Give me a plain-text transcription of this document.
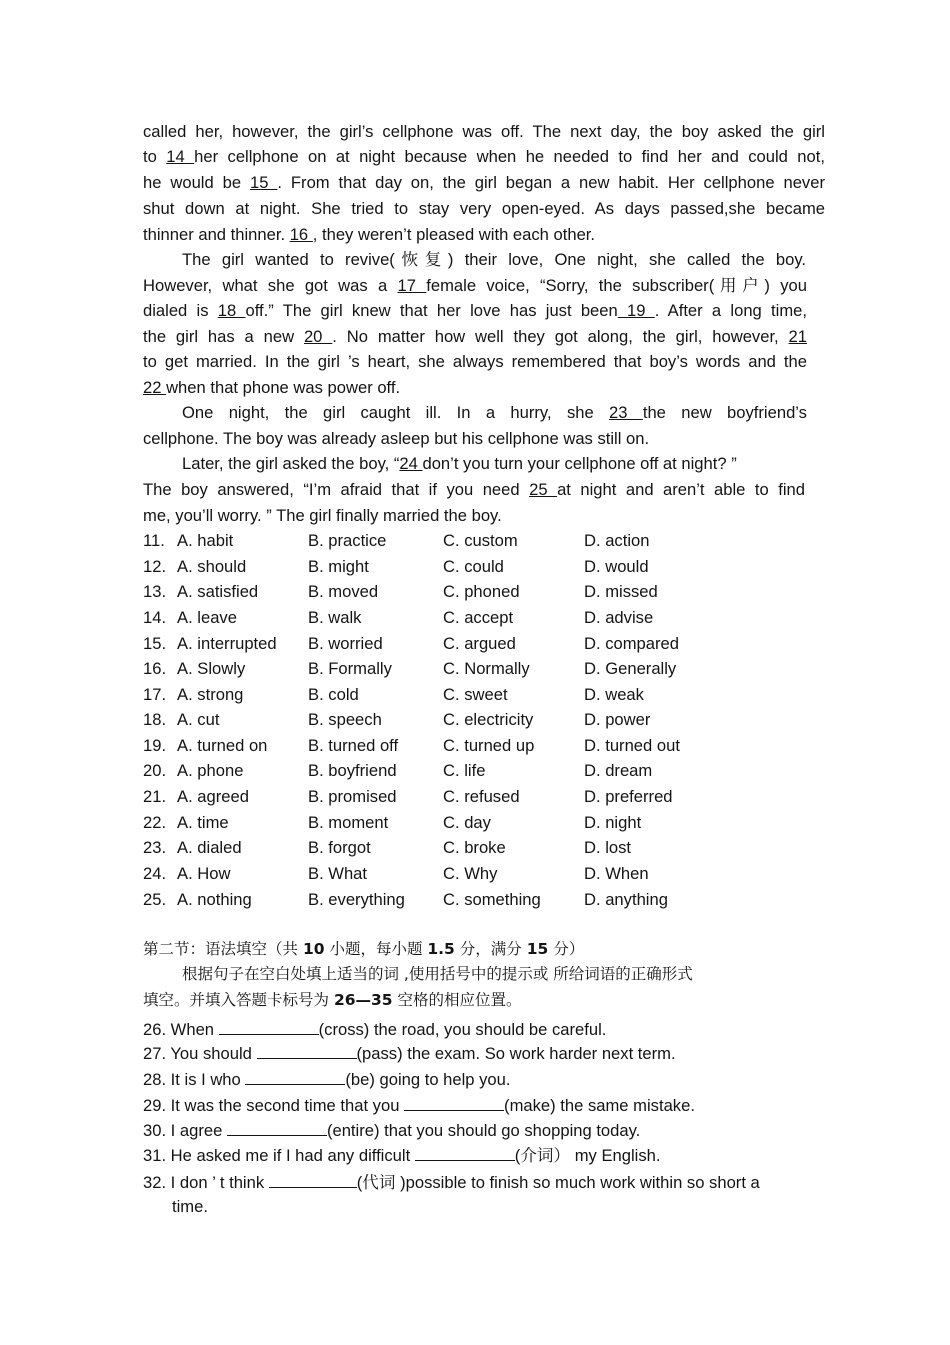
called her, however, the girl’s cellphone was off. The next day, the boy asked the girl
to 14 her cellphone on at night because when he needed to find her and could not,
he would be 15 . From that day on, the girl began a new habit. Her cellphone never
shut down at night. She tried to stay very open-eyed. As days passed,she became
thinner and thinner. 16 , they weren’t pleased with each other.
The girl wanted to revive(恢复) their love, One night, she called the boy.
However, what she got was a 17 female voice, “Sorry, the subscriber(用户) you
dialed is 18 off.” The girl knew that her love has just been 19 . After a long time,
the girl has a new 20 . No matter how well they got along, the girl, however, 21
to get married. In the girl ’s heart, she always remembered that boy’s words and the
22 when that phone was power off.
One night, the girl caught ill. In a hurry, she 23 the new boyfriend’s
cellphone. The boy was already asleep but his cellphone was still on.
Later, the girl asked the boy, “24 don’t you turn your cellphone off at night? ”
The boy answered, “I’m afraid that if you need 25 at night and aren’t able to find
me, you’ll worry. ” The girl finally married the boy.
11. A. habit	B. practice	C. custom	D. action
12. A. should	B. might	C. could	D. would
13. A. satisfied	B. moved	C. phoned	D. missed
14. A. leave	B. walk	C. accept	D. advise
15. A. interrupted B. worried	C. argued	D. compared
16. A. Slowly	B. Formally	C. Normally	D. Generally
17. A. strong	B. cold	C. sweet	D. weak
18. A. cut	B. speech	C. electricity	D. power
19. A. turned on B. turned off	C. turned up	D. turned out
20. A. phone	B. boyfriend	C. life	D. dream
21. A. agreed	B. promised	C. refused	D. preferred
22. A. time	B. moment	C. day	D. night
23. A. dialed	B. forgot	C. broke	D. lost
24. A. How	B. What	C. Why	D. When
25. A. nothing	B. everything C. something	D. anything
第二节：语法填空（共 10 小题，每小题 1.5 分，满分 15 分）
根据句子在空白处填上适当的词 ,使用括号中的提示或 所给词语的正确形式
填空。并填入答题卡标号为 26—35 空格的相应位置。
26. When	(cross) the road, you should be careful.
27. You should	(pass) the exam. So work harder next term.
28. It is I who	(be) going to help you.
29. It was the second time that you	(make) the same mistake.
30. I agree	(entire) that you should go shopping today.
31. He asked me if I had any difficult	(介词） my English.
32. I don ’ t think	(代词 )possible to finish so much work within so short a
time.
